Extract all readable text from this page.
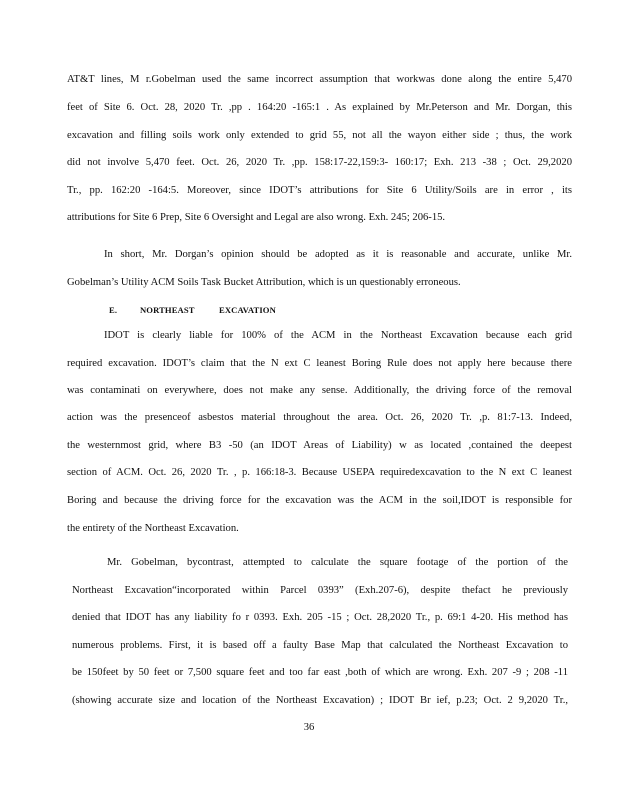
AT&T lines, M r.Gobelman used the same incorrect assumption that workwas done along the entire 5,470
feet of Site 6. Oct. 28, 2020 Tr. ,pp . 164:20 -165:1 . As explained by Mr.Peterson and Mr. Dorgan, this
excavation and filling soils work only extended to grid 55, not all the wayon either side ; thus, the work
did not involve 5,470 feet. Oct. 26, 2020 Tr. ,pp. 158:17-22,159:3- 160:17; Exh. 213 -38 ; Oct. 29,2020
Tr., pp. 162:20 -164:5. Moreover, since IDOT’s attributions for Site 6 Utility/Soils are in error , its
attributions for Site 6 Prep, Site 6 Oversight and Legal are also wrong. Exh. 245; 206-15.
In short, Mr. Dorgan’s opinion should be adopted as it is reasonable and accurate, unlike Mr.
Gobelman’s Utility ACM Soils Task Bucket Attribution, which is un questionably erroneous.
E.	NORTHEAST	EXCAVATION
IDOT is clearly liable for 100% of the ACM in the Northeast Excavation because each grid
required excavation. IDOT’s claim that the N ext C leanest Boring Rule does not apply here because there
was contaminati on everywhere, does not make any sense. Additionally, the driving force of the removal
action was the presenceof asbestos material throughout the area. Oct. 26, 2020 Tr. ,p. 81:7-13. Indeed,
the westernmost grid, where B3 -50 (an IDOT Areas of Liability) w as located ,contained the deepest
section of ACM. Oct. 26, 2020 Tr. , p. 166:18-3. Because USEPA requiredexcavation to the N ext C leanest
Boring and because the driving force for the excavation was the ACM in the soil,IDOT is responsible for
the entirety of the Northeast Excavation.
Mr. Gobelman, bycontrast, attempted to calculate the square footage of the portion of the
Northeast Excavation“incorporated within Parcel 0393” (Exh.207-6), despite thefact he previously
denied that IDOT has any liability fo r 0393. Exh. 205 -15 ; Oct. 28,2020 Tr., p. 69:1 4-20. His method has
numerous problems. First, it is based off a faulty Base Map that calculated the Northeast Excavation to
be 150feet by 50 feet or 7,500 square feet and too far east ,both of which are wrong. Exh. 207 -9 ; 208 -11
(showing accurate size and location of the Northeast Excavation) ; IDOT Br ief, p.23; Oct. 2 9,2020 Tr.,
36
